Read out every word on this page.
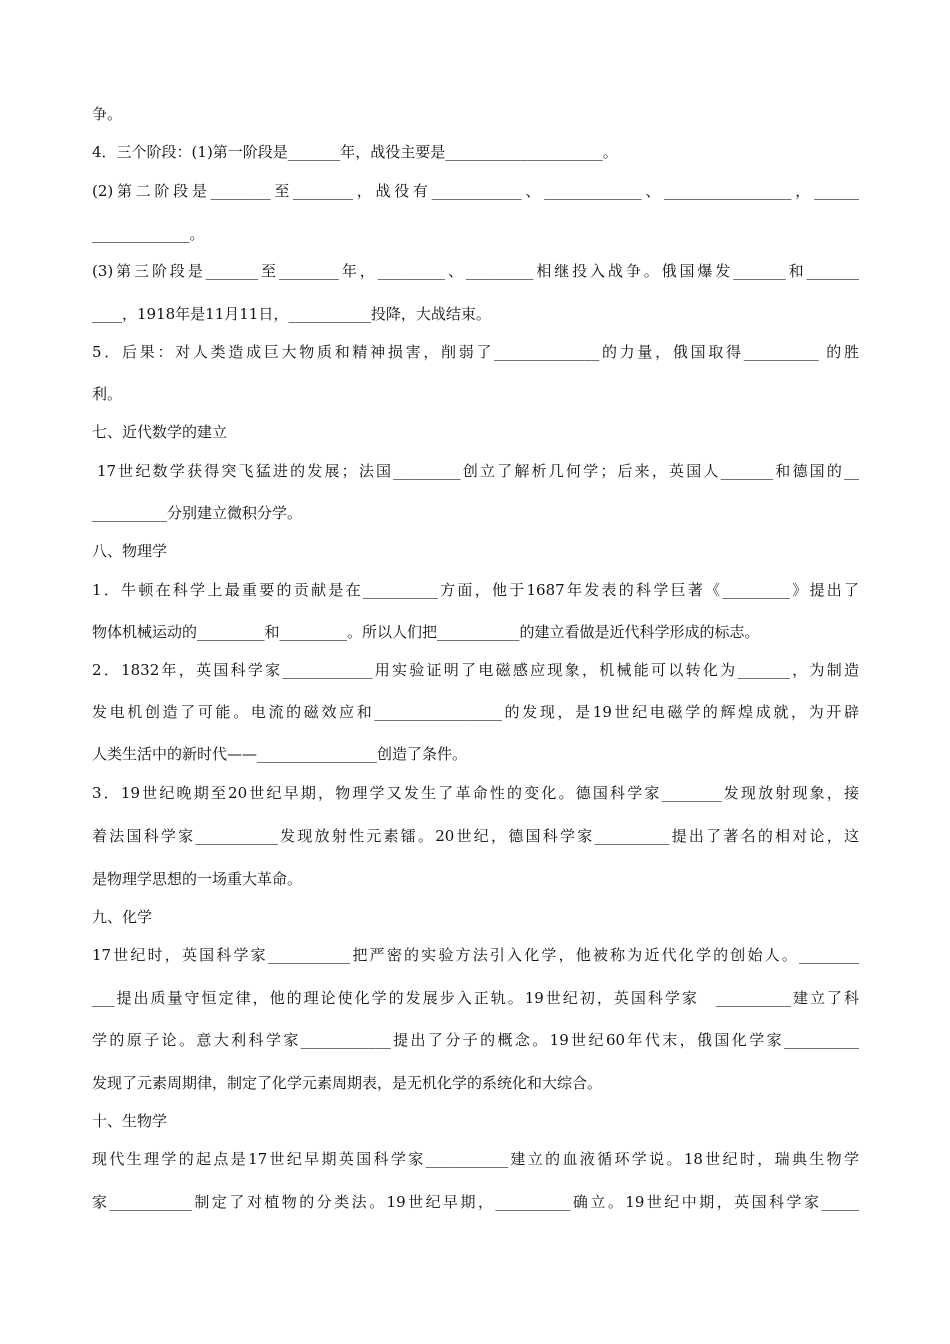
争。
4．三个阶段：(1)第一阶段是_______年，战役主要是_____________________。
(2)第二阶段是________至________，战役有____________、_____________、_________________，______
_____________。
(3)第三阶段是_______至________年，_________、_________相继投入战争。俄国爆发_______和_______
____，1918年是11月11日，___________投降，大战结束。
5．后果：对人类造成巨大物质和精神损害，削弱了______________的力量，俄国取得__________ 的胜
利。
七、近代数学的建立
17世纪数学获得突飞猛进的发展；法国_________创立了解析几何学；后来，英国人_______和德国的__
__________分别建立微积分学。
八、物理学
1．牛顿在科学上最重要的贡献是在__________方面，他于1687年发表的科学巨著《_________》提出了
物体机械运动的_________和_________。所以人们把___________的建立看做是近代科学形成的标志。
2．1832年，英国科学家____________用实验证明了电磁感应现象，机械能可以转化为_______，为制造
发电机创造了可能。电流的磁效应和_________________的发现，是19世纪电磁学的辉煌成就，为开辟
人类生活中的新时代——________________创造了条件。
3．19世纪晚期至20世纪早期，物理学又发生了革命性的变化。德国科学家________发现放射现象，接
着法国科学家___________发现放射性元素镭。20世纪，德国科学家__________提出了著名的相对论，这
是物理学思想的一场重大革命。
九、化学
17世纪时，英国科学家___________把严密的实验方法引入化学，他被称为近代化学的创始人。________
___提出质量守恒定律，他的理论使化学的发展步入正轨。19世纪初，英国科学家　__________建立了科
学的原子论。意大利科学家____________提出了分子的概念。19世纪60年代末，俄国化学家__________
发现了元素周期律，制定了化学元素周期表，是无机化学的系统化和大综合。
十、生物学
现代生理学的起点是17世纪早期英国科学家___________建立的血液循环学说。18世纪时，瑞典生物学
家___________制定了对植物的分类法。19世纪早期，__________确立。19世纪中期，英国科学家_____
